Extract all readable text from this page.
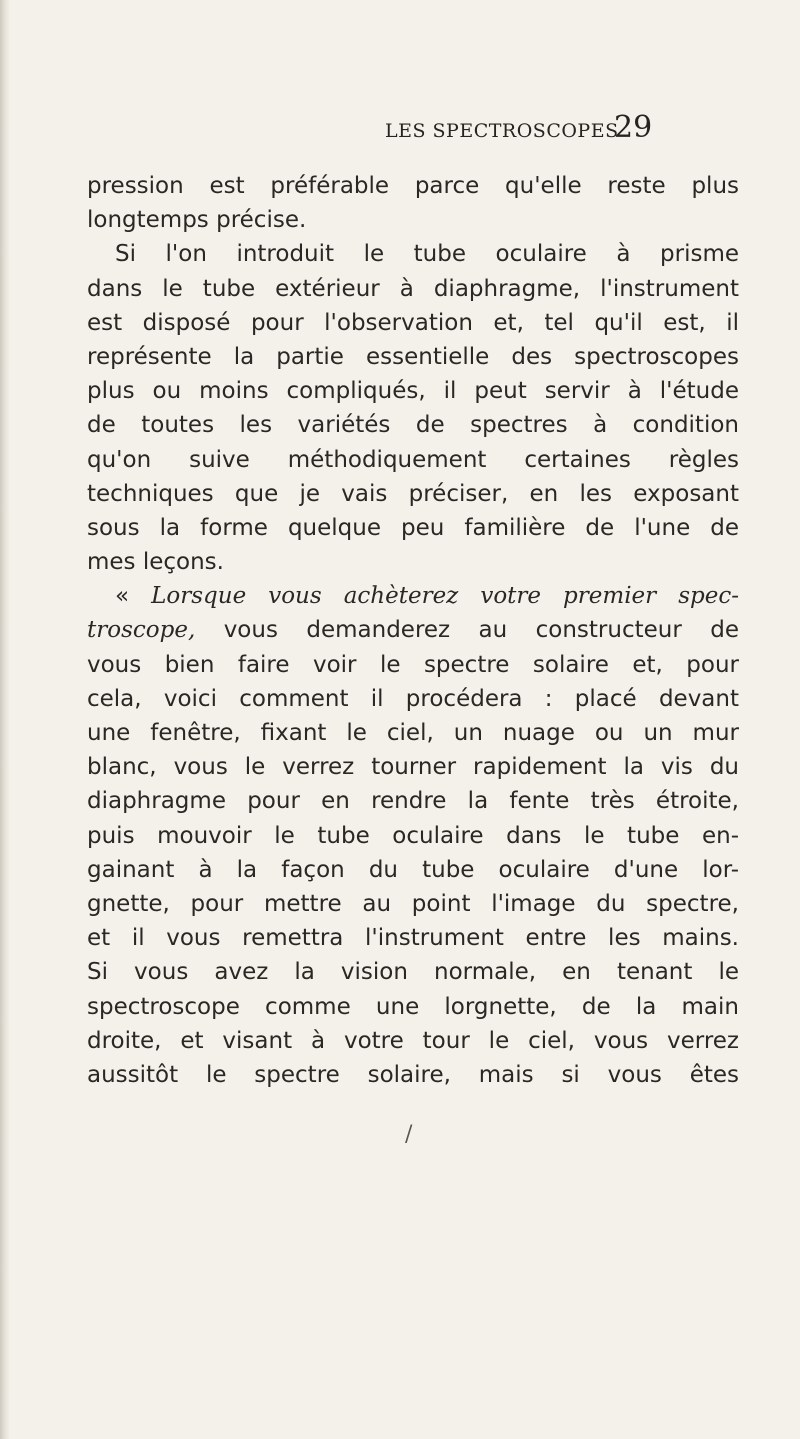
LES SPECTROSCOPES
29
pression est préférable parce qu'elle reste plus
longtemps précise.
Si l'on introduit le tube oculaire à prisme
dans le tube extérieur à diaphragme, l'instrument
est disposé pour l'observation et, tel qu'il est, il
représente la partie essentielle des spectroscopes
plus ou moins compliqués, il peut servir à l'étude
de toutes les variétés de spectres à condition
qu'on suive méthodiquement certaines règles
techniques que je vais préciser, en les exposant
sous la forme quelque peu familière de l'une de
mes leçons.
« Lorsque vous achèterez votre premier spec-
troscope, vous demanderez au constructeur de
vous bien faire voir le spectre solaire et, pour
cela, voici comment il procédera : placé devant
une fenêtre, fixant le ciel, un nuage ou un mur
blanc, vous le verrez tourner rapidement la vis du
diaphragme pour en rendre la fente très étroite,
puis mouvoir le tube oculaire dans le tube en-
gainant à la façon du tube oculaire d'une lor-
gnette, pour mettre au point l'image du spectre,
et il vous remettra l'instrument entre les mains.
Si vous avez la vision normale, en tenant le
spectroscope comme une lorgnette, de la main
droite, et visant à votre tour le ciel, vous verrez
aussitôt le spectre solaire, mais si vous êtes
/
